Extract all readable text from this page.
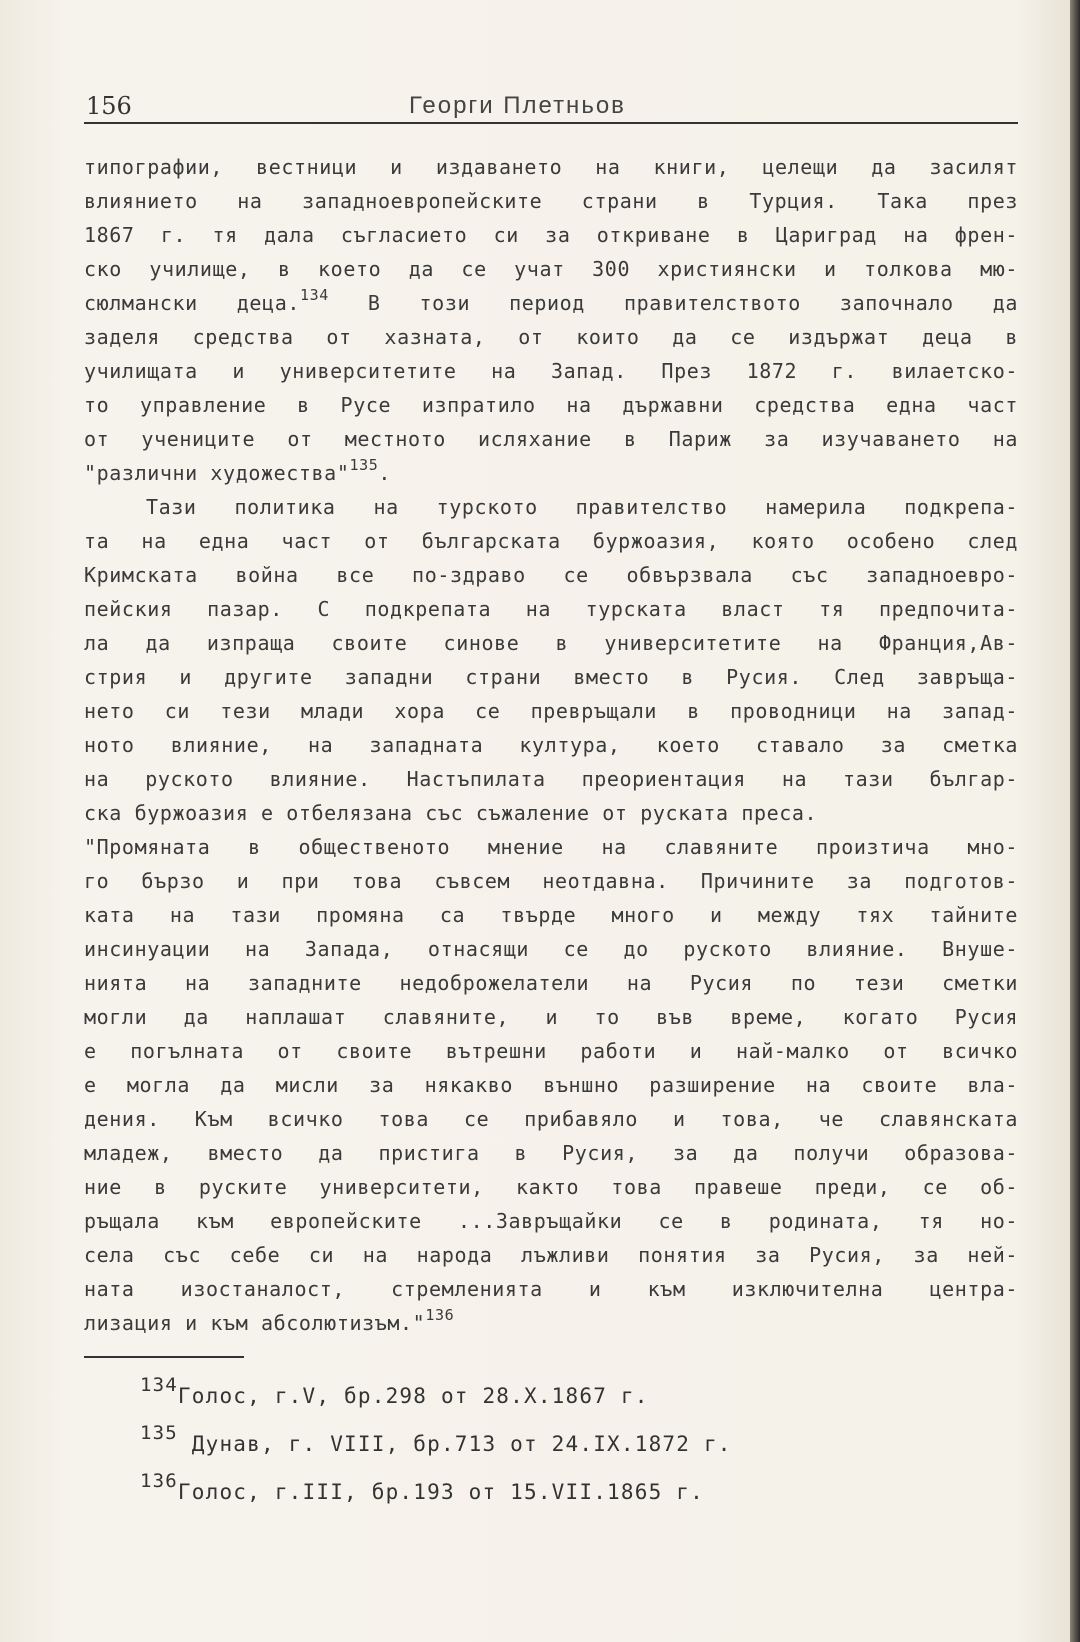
156	Георги Плетньов
типографии, вестници и издаването на книги, целещи да засилят
влиянието на западноевропейските страни в Турция. Така през
1867 г. тя дала съгласието си за откриване в Цариград на френ-
ско училище, в което да се учат 300 християнски и толкова мю-
сюлмански деца.$^{134}$ В този период правителството започнало да
заделя средства от хазната, от които да се издържат деца в
училищата и университетите на Запад. През 1872 г. вилаетско-
то управление в Русе изпратило на държавни средства една част
от учениците от местното исляхание в Париж за изучаването на
"различни художества"$^{135}$.
Тази политика на турското правителство намерила подкрепа-
та на една част от българската буржоазия, която особено след
Кримската война все по-здраво се обвързвала със западноевро-
пейския пазар. С подкрепата на турската власт тя предпочита-
ла да изпраща своите синове в университетите на Франция,Ав-
стрия и другите западни страни вместо в Русия. След завръща-
нето си тези млади хора се превръщали в проводници на запад-
ното влияние, на западната култура, което ставало за сметка
на руското влияние. Настъпилата преориентация на тази българ-
ска буржоазия е отбелязана със съжаление от руската преса.
"Промяната в общественото мнение на славяните произтича мно-
го бързо и при това съвсем неотдавна. Причините за подготов-
ката на тази промяна са твърде много и между тях тайните
инсинуации на Запада, отнасящи се до руското влияние. Внуше-
нията на западните недоброжелатели на Русия по тези сметки
могли да наплашат славяните, и то във време, когато Русия
е погълната от своите вътрешни работи и най-малко от всичко
е могла да мисли за някакво външно разширение на своите вла-
дения. Към всичко това се прибавяло и това, че славянската
младеж, вместо да пристига в Русия, за да получи образова-
ние в руските университети, както това правеше преди, се об-
ръщала към европейските ...Завръщайки се в родината, тя но-
села със себе си на народа лъжливи понятия за Русия, за ней-
ната изостаналост, стремленията и към изключителна центра-
лизация и към абсолютизъм."$^{136}$
134Голос, г.V, бр.298 от 28.X.1867 г.
135 Дунав, г. VIII, бр.713 от 24.IX.1872 г.
136Голос, г.III, бр.193 от 15.VII.1865 г.
